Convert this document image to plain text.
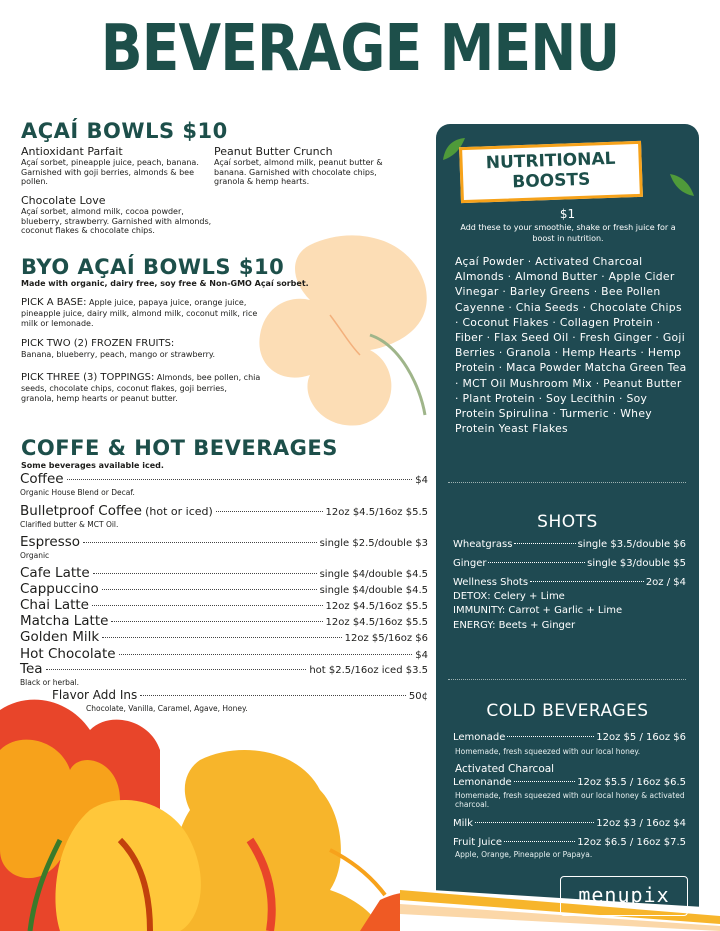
BEVERAGE MENU
AÇAÍ BOWLS $10
Antioxidant Parfait
Açaí sorbet, pineapple juice, peach, banana. Garnished with goji berries, almonds & bee pollen.
Peanut Butter Crunch
Açaí sorbet, almond milk, peanut butter & banana. Garnished with chocolate chips, granola & hemp hearts.
Chocolate Love
Açaí sorbet, almond milk, cocoa powder, blueberry, strawberry. Garnished with almonds, coconut flakes & chocolate chips.
BYO AÇAÍ BOWLS $10
Made with organic, dairy free, soy free & Non-GMO Açaí sorbet.
PICK A BASE: Apple juice, papaya juice, orange juice, pineapple juice, dairy milk, almond milk, coconut milk, rice milk or lemonade.
PICK TWO (2) FROZEN FRUITS:
Banana, blueberry, peach, mango or strawberry.
PICK THREE (3) TOPPINGS: Almonds, bee pollen, chia seeds, chocolate chips, coconut flakes, goji berries, granola, hemp hearts or peanut butter.
COFFE & HOT BEVERAGES
Some beverages available iced.
Coffee	$4
Organic House Blend or Decaf.
Bulletproof Coffee
(hot or iced)	12oz $4.5/16oz $5.5
Clarified butter & MCT Oil.
Espresso	single $2.5/double $3
Organic
Cafe Latte	single $4/double $4.5
Cappuccino	single $4/double $4.5
Chai Latte	12oz $4.5/16oz $5.5
Matcha Latte	12oz $4.5/16oz $5.5
Golden Milk	12oz $5/16oz $6
Hot Chocolate	$4
Tea	hot $2.5/16oz iced $3.5
Black or herbal.
Flavor Add Ins	50¢
Chocolate, Vanilla, Caramel, Agave, Honey.
NUTRITIONAL
BOOSTS
$1
Add these to your smoothie, shake or fresh juice for a boost in nutrition.
Açaí Powder · Activated Charcoal Almonds · Almond Butter · Apple Cider Vinegar · Barley Greens · Bee Pollen Cayenne · Chia Seeds · Chocolate Chips · Coconut Flakes · Collagen Protein · Fiber · Flax Seed Oil · Fresh Ginger · Goji Berries · Granola · Hemp Hearts · Hemp Protein · Maca Powder Matcha Green Tea · MCT Oil Mushroom Mix · Peanut Butter · Plant Protein · Soy Lecithin · Soy Protein Spirulina · Turmeric · Whey Protein Yeast Flakes
SHOTS
Wheatgrass	single $3.5/double $6
Ginger	single $3/double $5
Wellness Shots	2oz / $4
DETOX: Celery + Lime
IMMUNITY: Carrot + Garlic + Lime
ENERGY: Beets + Ginger
COLD BEVERAGES
Lemonade	12oz $5 / 16oz $6
Homemade, fresh squeezed with our local honey.
Activated Charcoal
Lemonande	12oz $5.5 / 16oz $6.5
Homemade, fresh squeezed with our local honey & activated charcoal.
Milk	12oz $3 / 16oz $4
Fruit Juice	12oz $6.5 / 16oz $7.5
Apple, Orange, Pineapple or Papaya.
menupix
